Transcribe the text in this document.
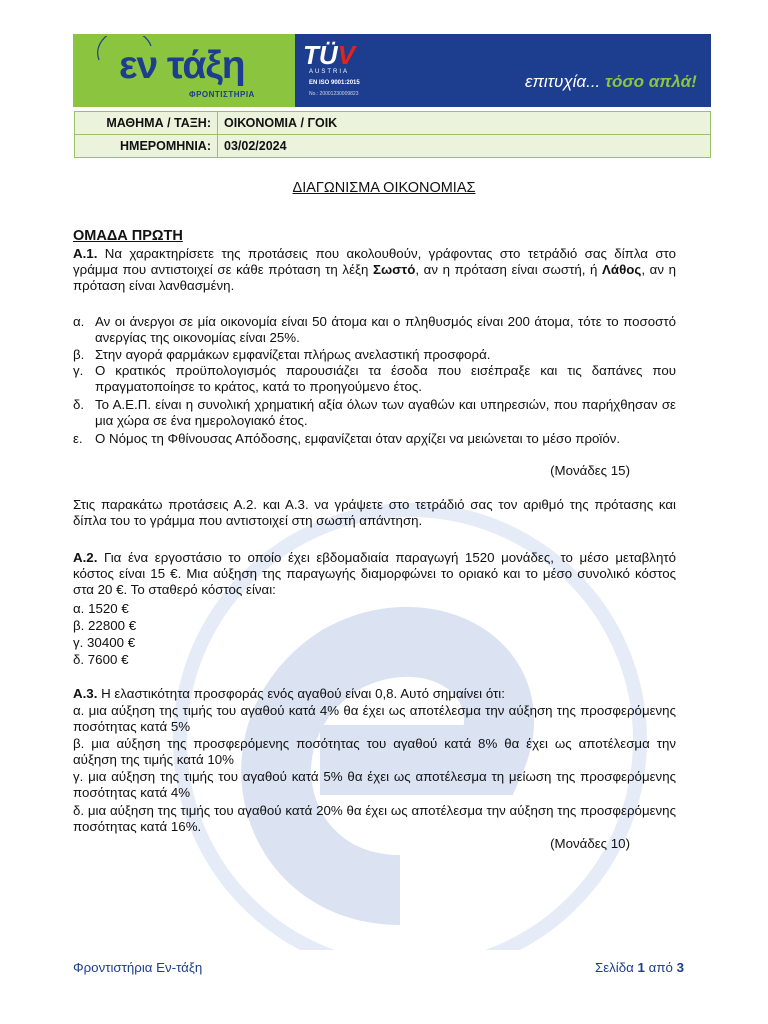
εν τάξη
ΦΡΟΝΤΙΣΤΗΡΙΑ
TÜV
AUSTRIA
EN ISO 9001:2015
No.: 20001230009823
επιτυχία... τόσο απλά!
ΜΑΘΗΜΑ / ΤΑΞΗ:	ΟΙΚΟΝΟΜΙΑ / ΓΟΙΚ
ΗΜΕΡΟΜΗΝΙΑ:	03/02/2024
ΔΙΑΓΩΝΙΣΜΑ ΟΙΚΟΝΟΜΙΑΣ
ΟΜΑΔΑ ΠΡΩΤΗ

Α.1. Να χαρακτηρίσετε της προτάσεις που ακολουθούν, γράφοντας στο τετράδιό σας δίπλα στο γράμμα που αντιστοιχεί σε κάθε πρόταση τη λέξη Σωστό, αν η πρόταση είναι σωστή, ή Λάθος, αν η πρόταση είναι λανθασμένη.

α. Αν οι άνεργοι σε μία οικονομία είναι 50 άτομα και ο πληθυσμός είναι 200 άτομα, τότε το ποσοστό ανεργίας της οικονομίας είναι 25%.
β. Στην αγορά φαρμάκων εμφανίζεται πλήρως ανελαστική προσφορά.
γ. Ο κρατικός προϋπολογισμός παρουσιάζει τα έσοδα που εισέπραξε και τις δαπάνες που πραγματοποίησε το κράτος, κατά το προηγούμενο έτος.
δ. Το Α.Ε.Π. είναι η συνολική χρηματική αξία όλων των αγαθών και υπηρεσιών, που παρήχθησαν σε μια χώρα σε ένα ημερολογιακό έτος.
ε. Ο Νόμος τη Φθίνουσας Απόδοσης, εμφανίζεται όταν αρχίζει να μειώνεται το μέσο προϊόν.
(Μονάδες 15)

Στις παρακάτω προτάσεις Α.2. και Α.3. να γράψετε στο τετράδιό σας τον αριθμό της πρότασης και δίπλα του το γράμμα που αντιστοιχεί στη σωστή απάντηση.

Α.2. Για ένα εργοστάσιο το οποίο έχει εβδομαδιαία παραγωγή 1520 μονάδες, το μέσο μεταβλητό κόστος είναι 15 €. Μια αύξηση της παραγωγής διαμορφώνει το οριακό και το μέσο συνολικό κόστος στα 20 €. Το σταθερό κόστος είναι:

α. 1520 €
β. 22800 €
γ. 30400 €
δ. 7600 €

Α.3. Η ελαστικότητα προσφοράς ενός αγαθού είναι 0,8. Αυτό σημαίνει ότι:

α. μια αύξηση της τιμής του αγαθού κατά 4% θα έχει ως αποτέλεσμα την αύξηση της προσφερόμενης ποσότητας κατά 5%

β. μια αύξηση της προσφερόμενης ποσότητας του αγαθού κατά 8% θα έχει ως αποτέλεσμα την αύξηση της τιμής κατά 10%

γ. μια αύξηση της τιμής του αγαθού κατά 5% θα έχει ως αποτέλεσμα τη μείωση της προσφερόμενης ποσότητας κατά 4%

δ. μια αύξηση της τιμής του αγαθού κατά 20% θα έχει ως αποτέλεσμα την αύξηση της προσφερόμενης ποσότητας κατά 16%.

(Μονάδες 10)
Φροντιστήρια Εν-τάξη	Σελίδα 1 από 3
